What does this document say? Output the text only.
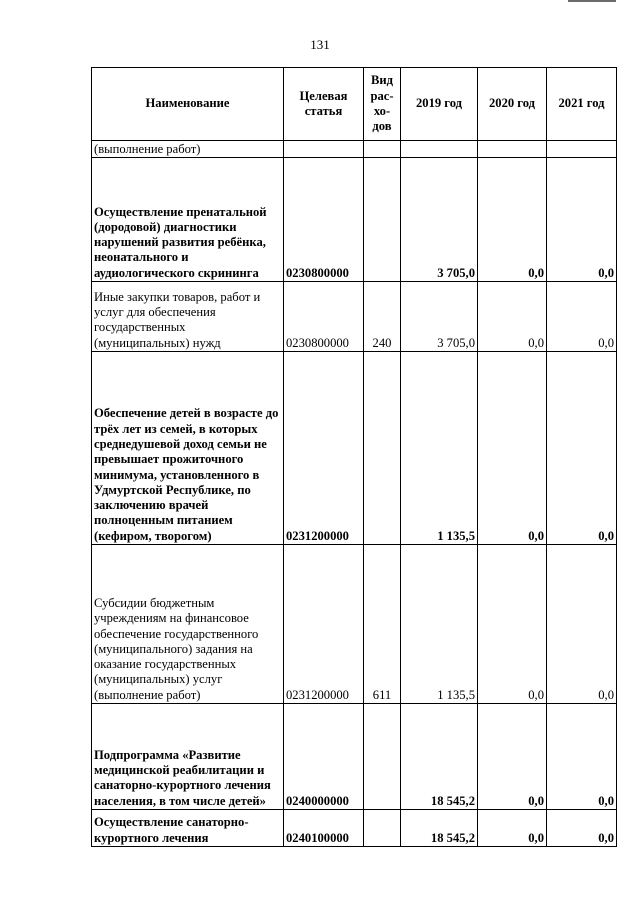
131
Наименование	Целевая статья	Вид рас-хо-дов	2019 год	2020 год	2021 год
(выполнение работ)					
Осуществление пренатальной (дородовой) диагностики нарушений развития ребёнка, неонатального и аудиологического скрининга	0230800000		3 705,0	0,0	0,0
Иные закупки товаров, работ и услуг для обеспечения государственных (муниципальных) нужд	0230800000	240	3 705,0	0,0	0,0
Обеспечение детей в возрасте до трёх лет из семей, в которых среднедушевой доход семьи не превышает прожиточного минимума, установленного в Удмуртской Республике, по заключению врачей полноценным питанием (кефиром, творогом)	0231200000		1 135,5	0,0	0,0
Субсидии бюджетным учреждениям на финансовое обеспечение государственного (муниципального) задания на оказание государственных (муниципальных) услуг (выполнение работ)	0231200000	611	1 135,5	0,0	0,0
Подпрограмма «Развитие медицинской реабилитации и санаторно-курортного лечения населения, в том числе детей»	0240000000		18 545,2	0,0	0,0
Осуществление санаторно-курортного лечения	0240100000		18 545,2	0,0	0,0
